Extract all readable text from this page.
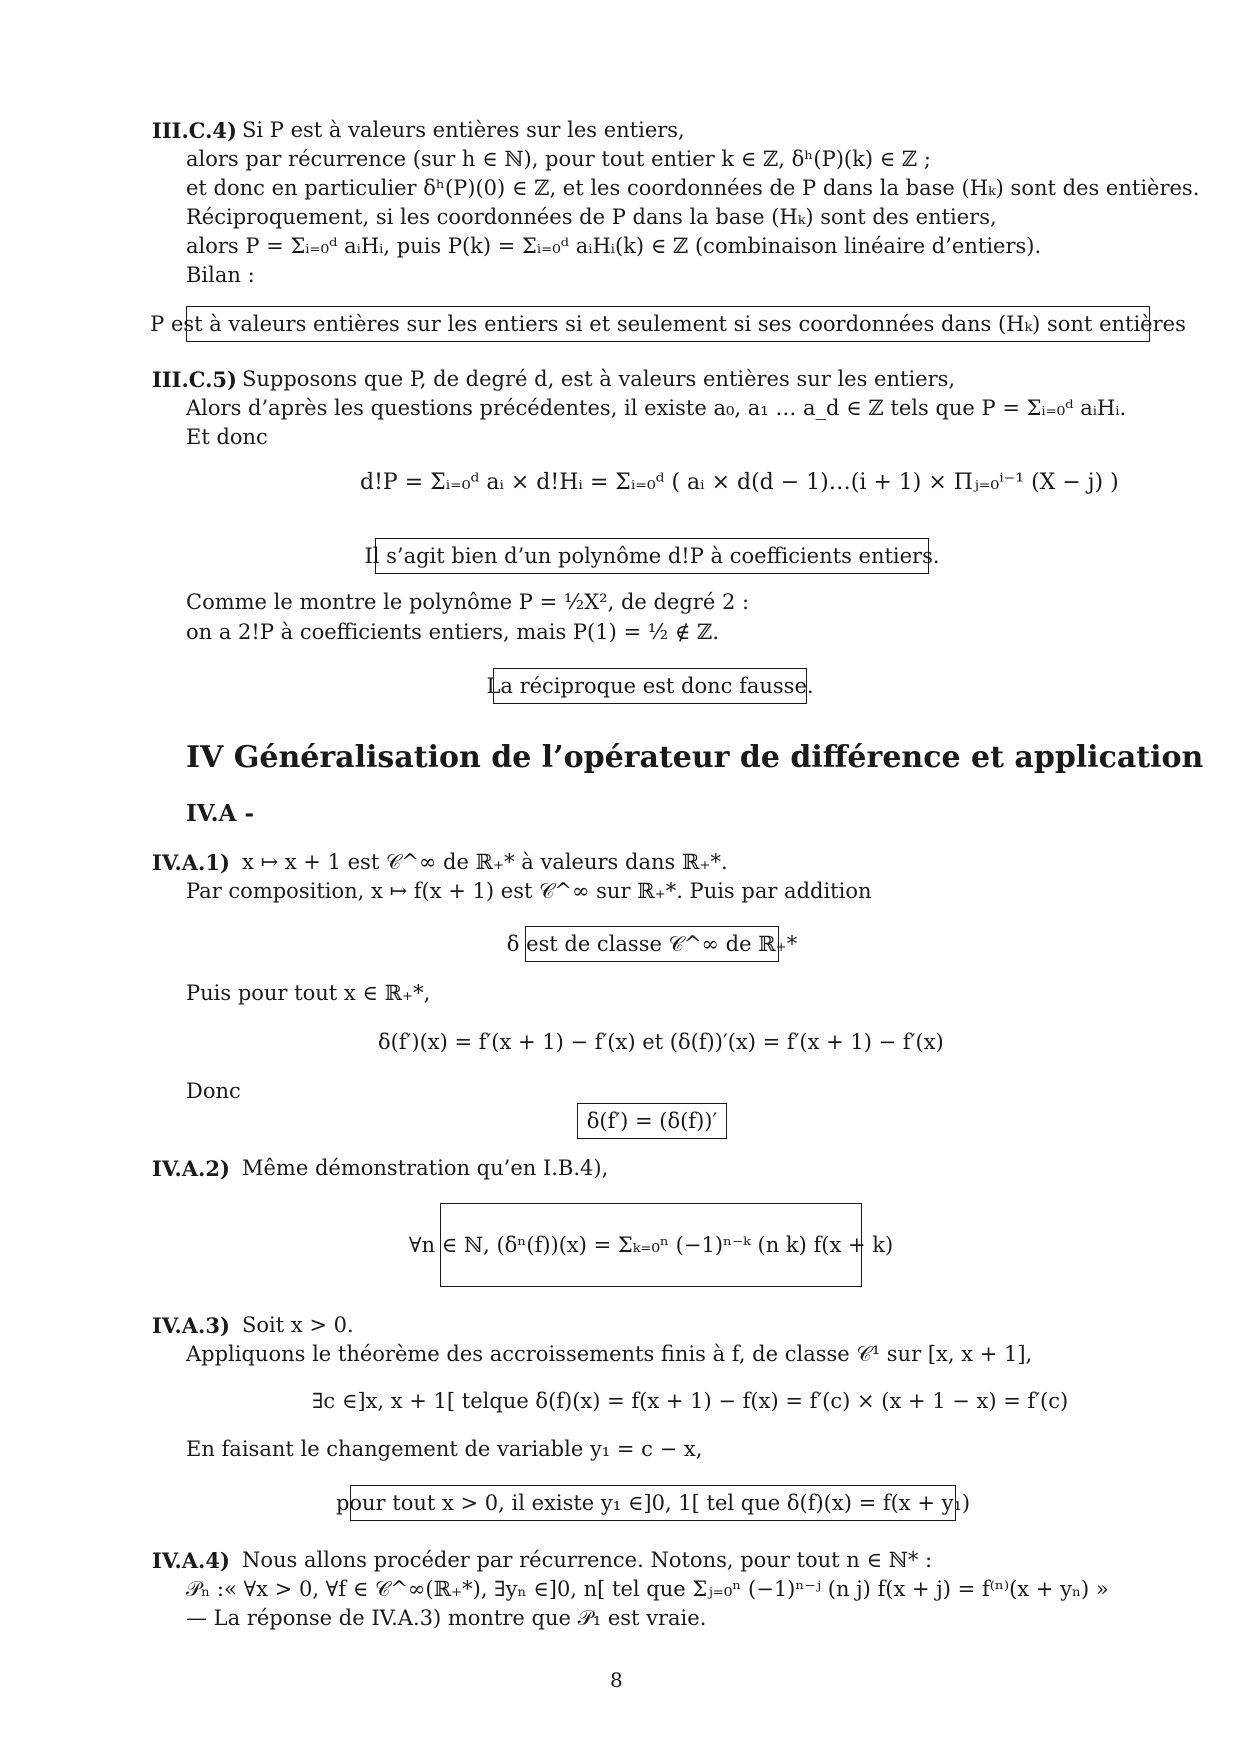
III.C.4) Si P est à valeurs entières sur les entiers,
alors par récurrence (sur h ∈ ℕ), pour tout entier k ∈ ℤ, δʰ(P)(k) ∈ ℤ ;
et donc en particulier δʰ(P)(0) ∈ ℤ, et les coordonnées de P dans la base (Hₖ) sont des entières.
Réciproquement, si les coordonnées de P dans la base (Hₖ) sont des entiers,
alors P = Σᵢ₌₀ᵈ aᵢHᵢ, puis P(k) = Σᵢ₌₀ᵈ aᵢHᵢ(k) ∈ ℤ (combinaison linéaire d’entiers).
Bilan :
P est à valeurs entières sur les entiers si et seulement si ses coordonnées dans (Hₖ) sont entières
III.C.5) Supposons que P, de degré d, est à valeurs entières sur les entiers,
Alors d’après les questions précédentes, il existe a₀, a₁ … a_d ∈ ℤ tels que P = Σᵢ₌₀ᵈ aᵢHᵢ.
Et donc
d!P = Σᵢ₌₀ᵈ aᵢ × d!Hᵢ = Σᵢ₌₀ᵈ ( aᵢ × d(d − 1)…(i + 1) × Πⱼ₌₀ⁱ⁻¹ (X − j) )
Il s’agit bien d’un polynôme d!P à coefficients entiers.
Comme le montre le polynôme P = ½X², de degré 2 :
on a 2!P à coefficients entiers, mais P(1) = ½ ∉ ℤ.
La réciproque est donc fausse.
IV Généralisation de l’opérateur de différence et application
IV.A -
IV.A.1) x ↦ x + 1 est 𝒞^∞ de ℝ₊* à valeurs dans ℝ₊*.
Par composition, x ↦ f(x + 1) est 𝒞^∞ sur ℝ₊*. Puis par addition
δ est de classe 𝒞^∞ de ℝ₊*
Puis pour tout x ∈ ℝ₊*,
δ(f′)(x) = f′(x + 1) − f′(x) et (δ(f))′(x) = f′(x + 1) − f′(x)
Donc
δ(f′) = (δ(f))′
IV.A.2) Même démonstration qu’en I.B.4),
∀n ∈ ℕ, (δⁿ(f))(x) = Σₖ₌₀ⁿ (−1)ⁿ⁻ᵏ (n k) f(x + k)
IV.A.3) Soit x > 0.
Appliquons le théorème des accroissements finis à f, de classe 𝒞¹ sur [x, x + 1],
∃c ∈]x, x + 1[ telque δ(f)(x) = f(x + 1) − f(x) = f′(c) × (x + 1 − x) = f′(c)
En faisant le changement de variable y₁ = c − x,
pour tout x > 0, il existe y₁ ∈]0, 1[ tel que δ(f)(x) = f(x + y₁)
IV.A.4) Nous allons procéder par récurrence. Notons, pour tout n ∈ ℕ* :
𝒫ₙ :« ∀x > 0, ∀f ∈ 𝒞^∞(ℝ₊*), ∃yₙ ∈]0, n[ tel que Σⱼ₌₀ⁿ (−1)ⁿ⁻ʲ (n j) f(x + j) = f⁽ⁿ⁾(x + yₙ) »
— La réponse de IV.A.3) montre que 𝒫₁ est vraie.
8
